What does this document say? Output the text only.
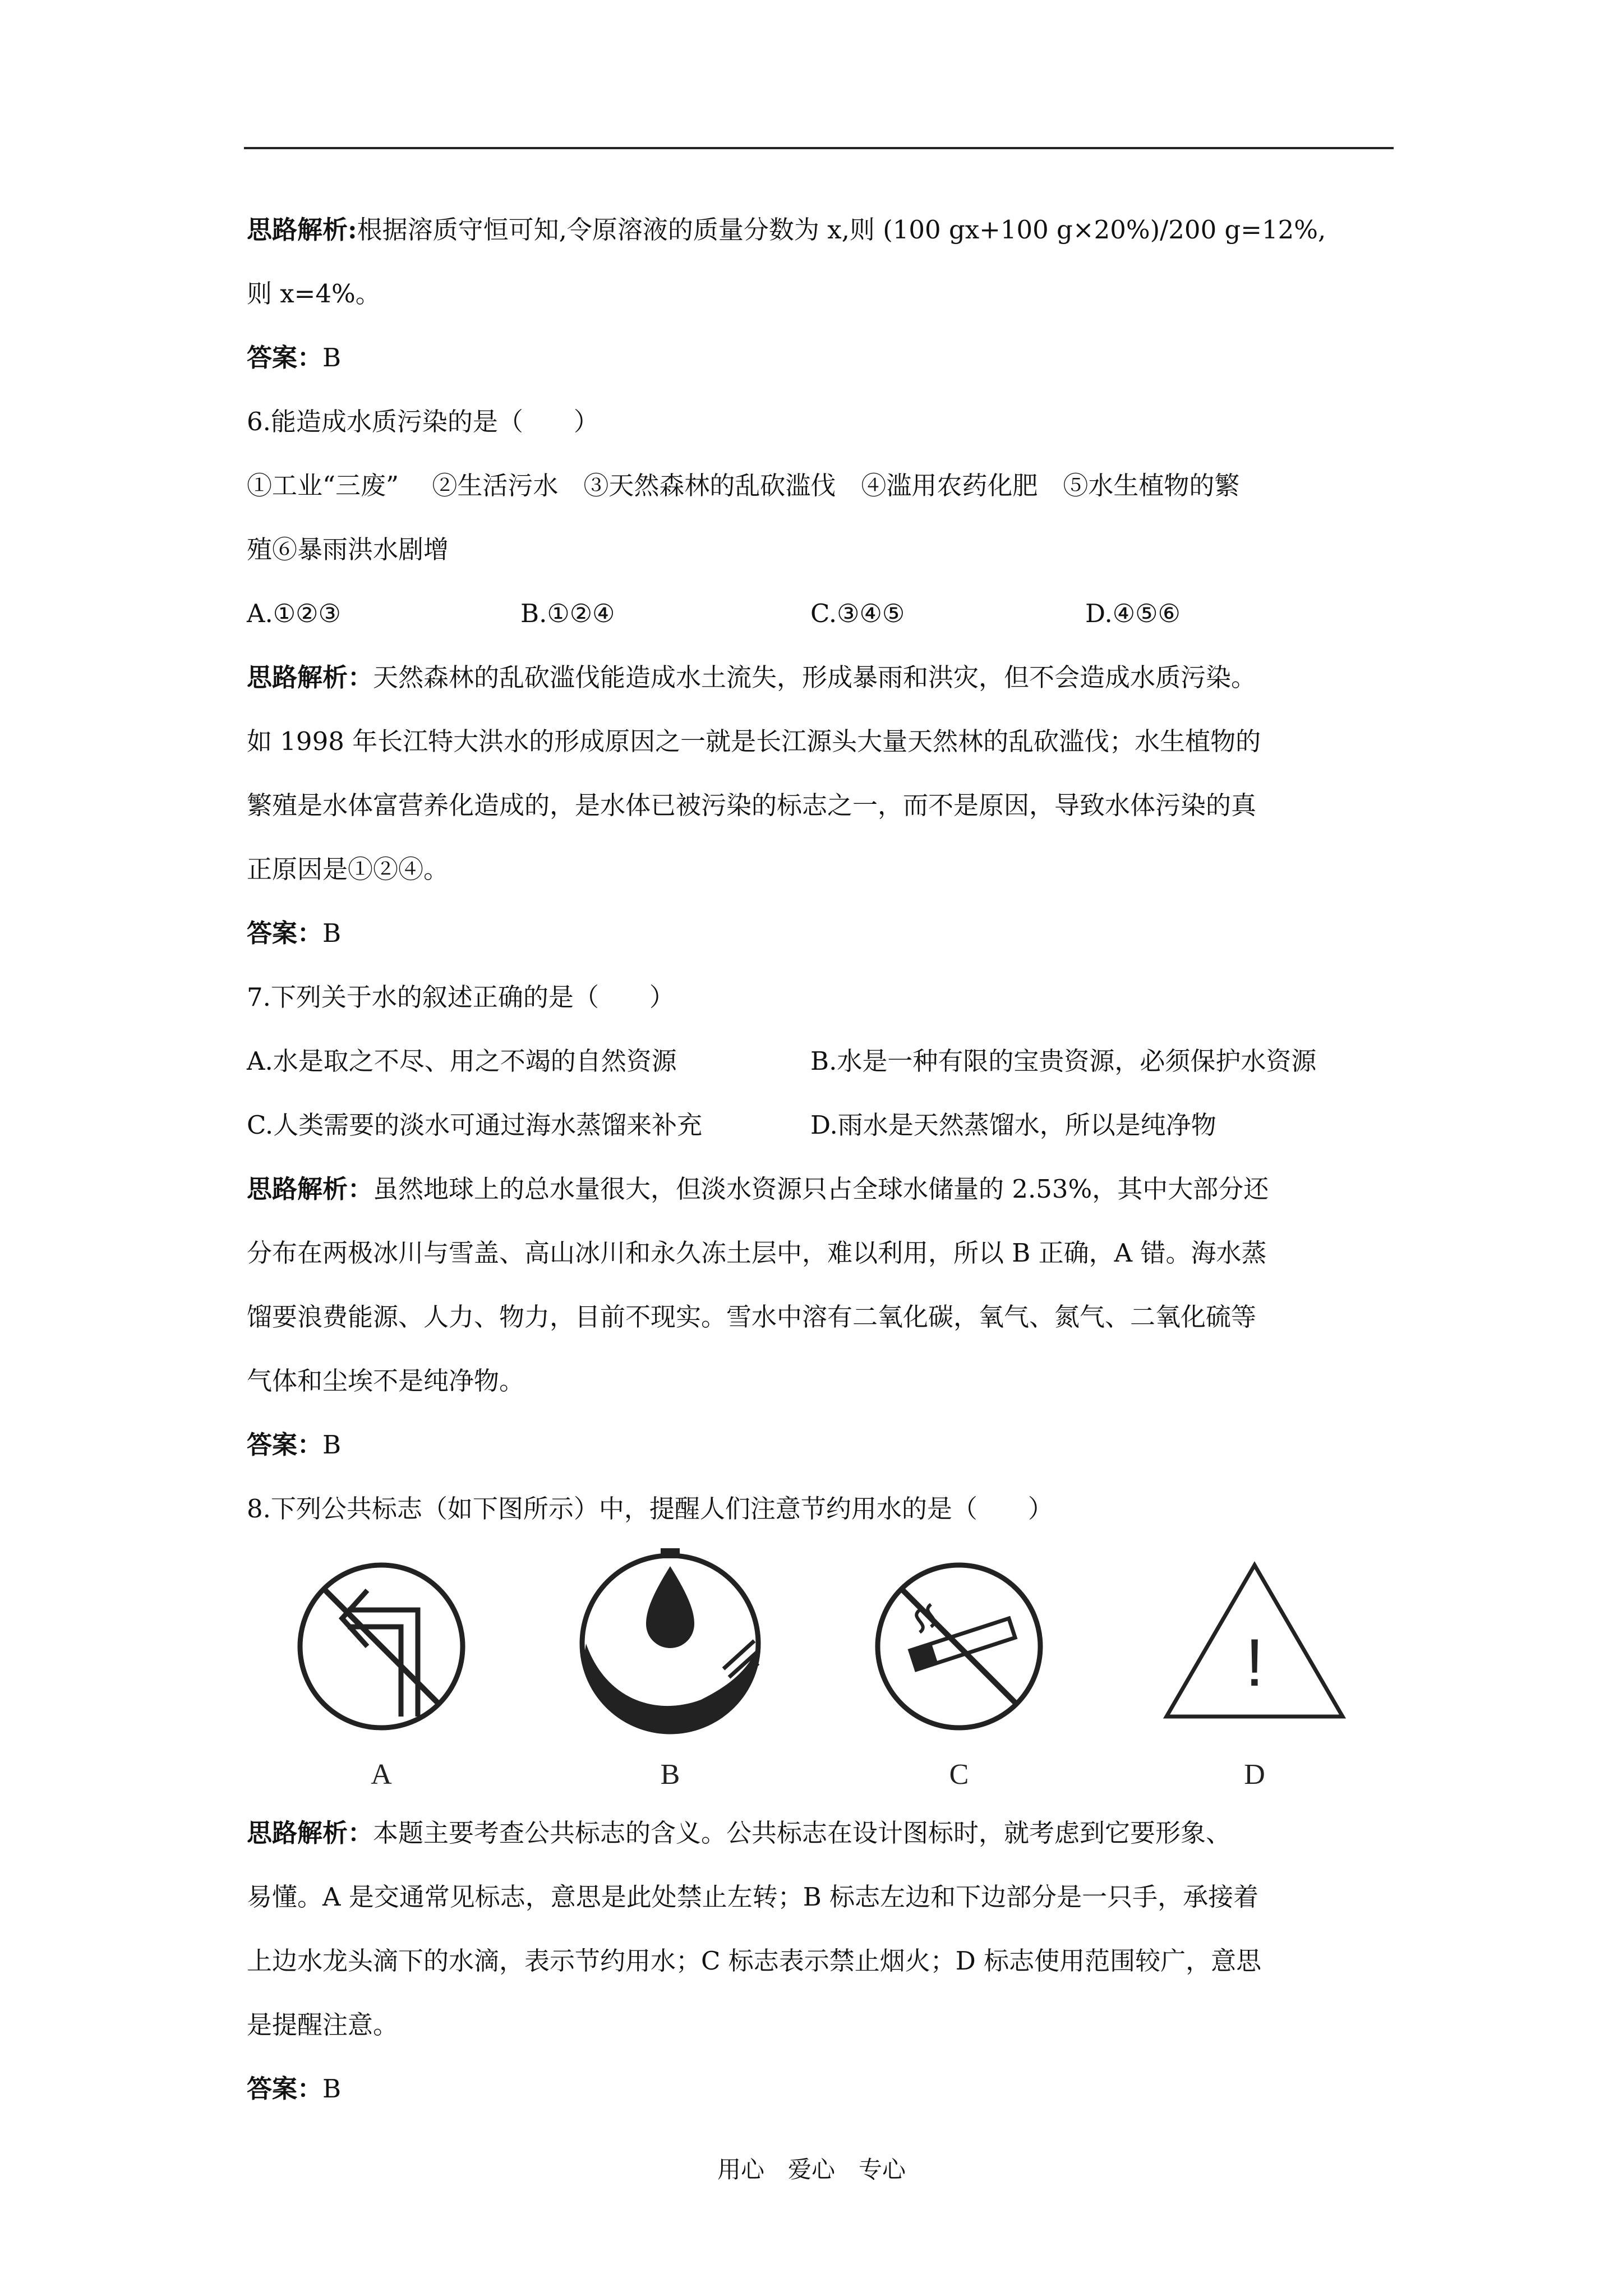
思路解析:根据溶质守恒可知,令原溶液的质量分数为 x,则 (100 gx+100 g×20%)/200 g=12%,
则 x=4%。
答案：B
6.能造成水质污染的是（　　）
①工业“三废”　 ②生活污水　③天然森林的乱砍滥伐　④滥用农药化肥　⑤水生植物的繁
殖⑥暴雨洪水剧增
A.①②③	B.①②④	C.③④⑤	D.④⑤⑥
思路解析：天然森林的乱砍滥伐能造成水土流失，形成暴雨和洪灾，但不会造成水质污染。
如 1998 年长江特大洪水的形成原因之一就是长江源头大量天然林的乱砍滥伐；水生植物的
繁殖是水体富营养化造成的，是水体已被污染的标志之一，而不是原因，导致水体污染的真
正原因是①②④。
答案：B
7.下列关于水的叙述正确的是（　　）
A.水是取之不尽、用之不竭的自然资源	B.水是一种有限的宝贵资源，必须保护水资源
C.人类需要的淡水可通过海水蒸馏来补充	D.雨水是天然蒸馏水，所以是纯净物
思路解析：虽然地球上的总水量很大，但淡水资源只占全球水储量的 2.53%，其中大部分还
分布在两极冰川与雪盖、高山冰川和永久冻土层中，难以利用，所以 B 正确，A 错。海水蒸
馏要浪费能源、人力、物力，目前不现实。雪水中溶有二氧化碳，氧气、氮气、二氧化硫等
气体和尘埃不是纯净物。
答案：B
8.下列公共标志（如下图所示）中，提醒人们注意节约用水的是（　　）
!
A	B	C	D
思路解析：本题主要考查公共标志的含义。公共标志在设计图标时，就考虑到它要形象、
易懂。A 是交通常见标志，意思是此处禁止左转；B 标志左边和下边部分是一只手，承接着
上边水龙头滴下的水滴，表示节约用水；C 标志表示禁止烟火；D 标志使用范围较广，意思
是提醒注意。
答案：B
用心　爱心　专心
